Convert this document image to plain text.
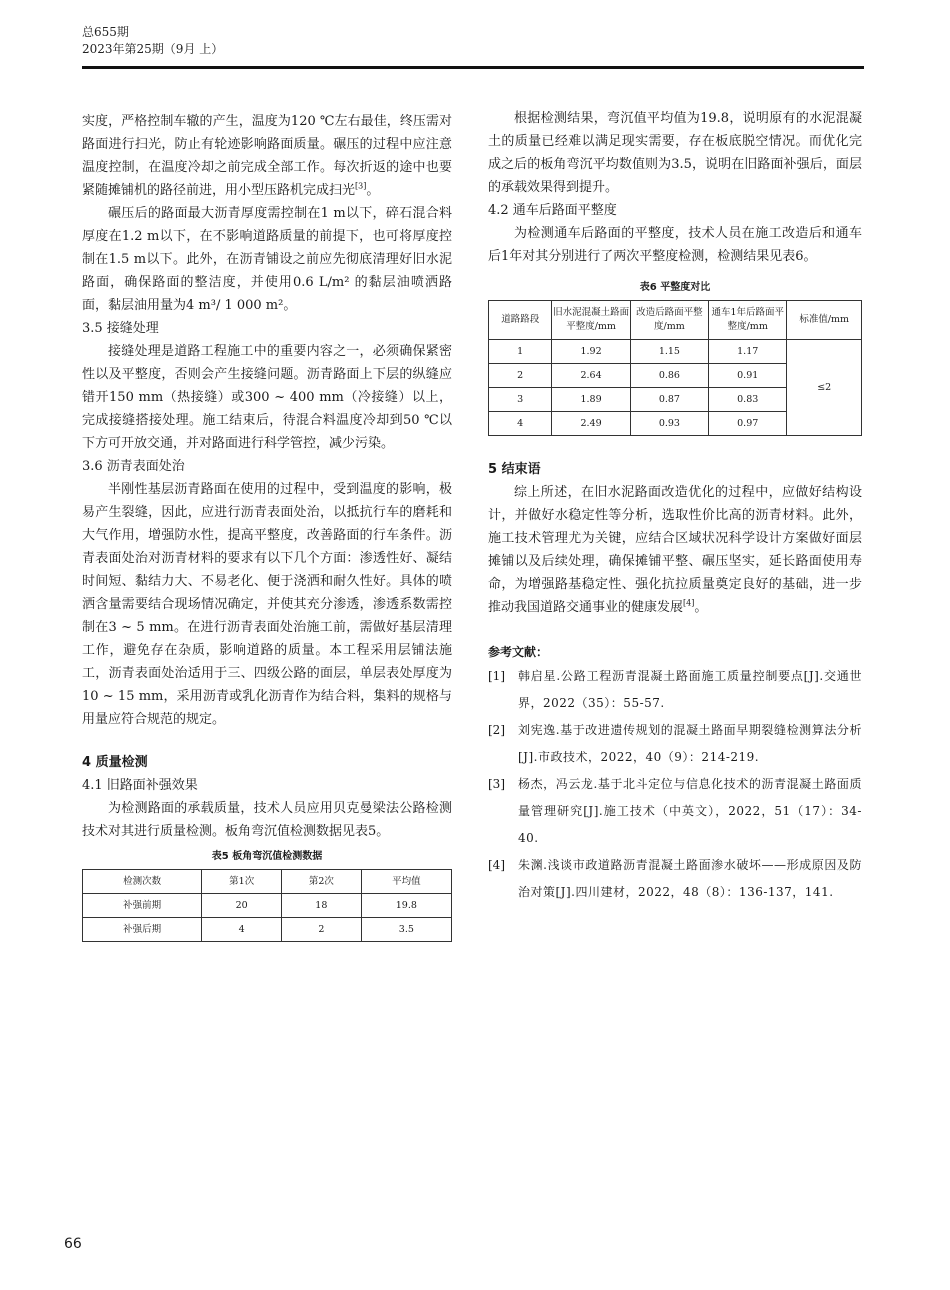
总655期
2023年第25期（9月 上）

实度，严格控制车辙的产生，温度为120 ℃左右最佳，终压需对路面进行扫光，防止有轮迹影响路面质量。碾压的过程中应注意温度控制，在温度冷却之前完成全部工作。每次折返的途中也要紧随摊铺机的路径前进，用小型压路机完成扫光[3]。

碾压后的路面最大沥青厚度需控制在1 m以下，碎石混合料厚度在1.2 m以下，在不影响道路质量的前提下，也可将厚度控制在1.5 m以下。此外，在沥青铺设之前应先彻底清理好旧水泥路面，确保路面的整洁度，并使用0.6 L/m² 的黏层油喷洒路面，黏层油用量为4 m³/ 1 000 m²。

3.5 接缝处理

接缝处理是道路工程施工中的重要内容之一，必须确保紧密性以及平整度，否则会产生接缝问题。沥青路面上下层的纵缝应错开150 mm（热接缝）或300 ~ 400 mm（冷接缝）以上，完成接缝搭接处理。施工结束后，待混合料温度冷却到50 ℃以下方可开放交通，并对路面进行科学管控，减少污染。

3.6 沥青表面处治

半刚性基层沥青路面在使用的过程中，受到温度的影响，极易产生裂缝，因此，应进行沥青表面处治，以抵抗行车的磨耗和大气作用，增强防水性，提高平整度，改善路面的行车条件。沥青表面处治对沥青材料的要求有以下几个方面：渗透性好、凝结时间短、黏结力大、不易老化、便于浇洒和耐久性好。具体的喷洒含量需要结合现场情况确定，并使其充分渗透，渗透系数需控制在3 ~ 5 mm。在进行沥青表面处治施工前，需做好基层清理工作，避免存在杂质，影响道路的质量。本工程采用层铺法施工，沥青表面处治适用于三、四级公路的面层，单层表处厚度为10 ~ 15 mm，采用沥青或乳化沥青作为结合料，集料的规格与用量应符合规范的规定。

4 质量检测
4.1 旧路面补强效果

为检测路面的承载质量，技术人员应用贝克曼梁法公路检测技术对其进行质量检测。板角弯沉值检测数据见表5。

表5 板角弯沉值检测数据
检测次数	第1次	第2次	平均值
补强前期	20	18	19.8
补强后期	4	2	3.5

根据检测结果，弯沉值平均值为19.8，说明原有的水泥混凝土的质量已经难以满足现实需要，存在板底脱空情况。而优化完成之后的板角弯沉平均数值则为3.5，说明在旧路面补强后，面层的承载效果得到提升。

4.2 通车后路面平整度

为检测通车后路面的平整度，技术人员在施工改造后和通车后1年对其分别进行了两次平整度检测，检测结果见表6。

表6 平整度对比
道路路段	旧水泥混凝土路面平整度/mm	改造后路面平整度/mm	通车1年后路面平整度/mm	标准值/mm
1	1.92	1.15	1.17	≤2
2	2.64	0.86	0.91	
3	1.89	0.87	0.83	
4	2.49	0.93	0.97	
5 结束语

综上所述，在旧水泥路面改造优化的过程中，应做好结构设计，并做好水稳定性等分析，选取性价比高的沥青材料。此外，施工技术管理尤为关键，应结合区域状况科学设计方案做好面层摊铺以及后续处理，确保摊铺平整、碾压坚实，延长路面使用寿命，为增强路基稳定性、强化抗拉质量奠定良好的基础，进一步推动我国道路交通事业的健康发展[4]。

参考文献：
[1]	韩启星.公路工程沥青混凝土路面施工质量控制要点[J].交通世界，2022（35）：55-57.
[2]	刘宪逸.基于改进遗传规划的混凝土路面早期裂缝检测算法分析[J].市政技术，2022，40（9）：214-219.
[3]	杨杰，冯云龙.基于北斗定位与信息化技术的沥青混凝土路面质量管理研究[J].施工技术（中英文），2022，51（17）：34-40.
[4]	朱渊.浅谈市政道路沥青混凝土路面渗水破坏——形成原因及防治对策[J].四川建材，2022，48（8）：136-137，141.
66
